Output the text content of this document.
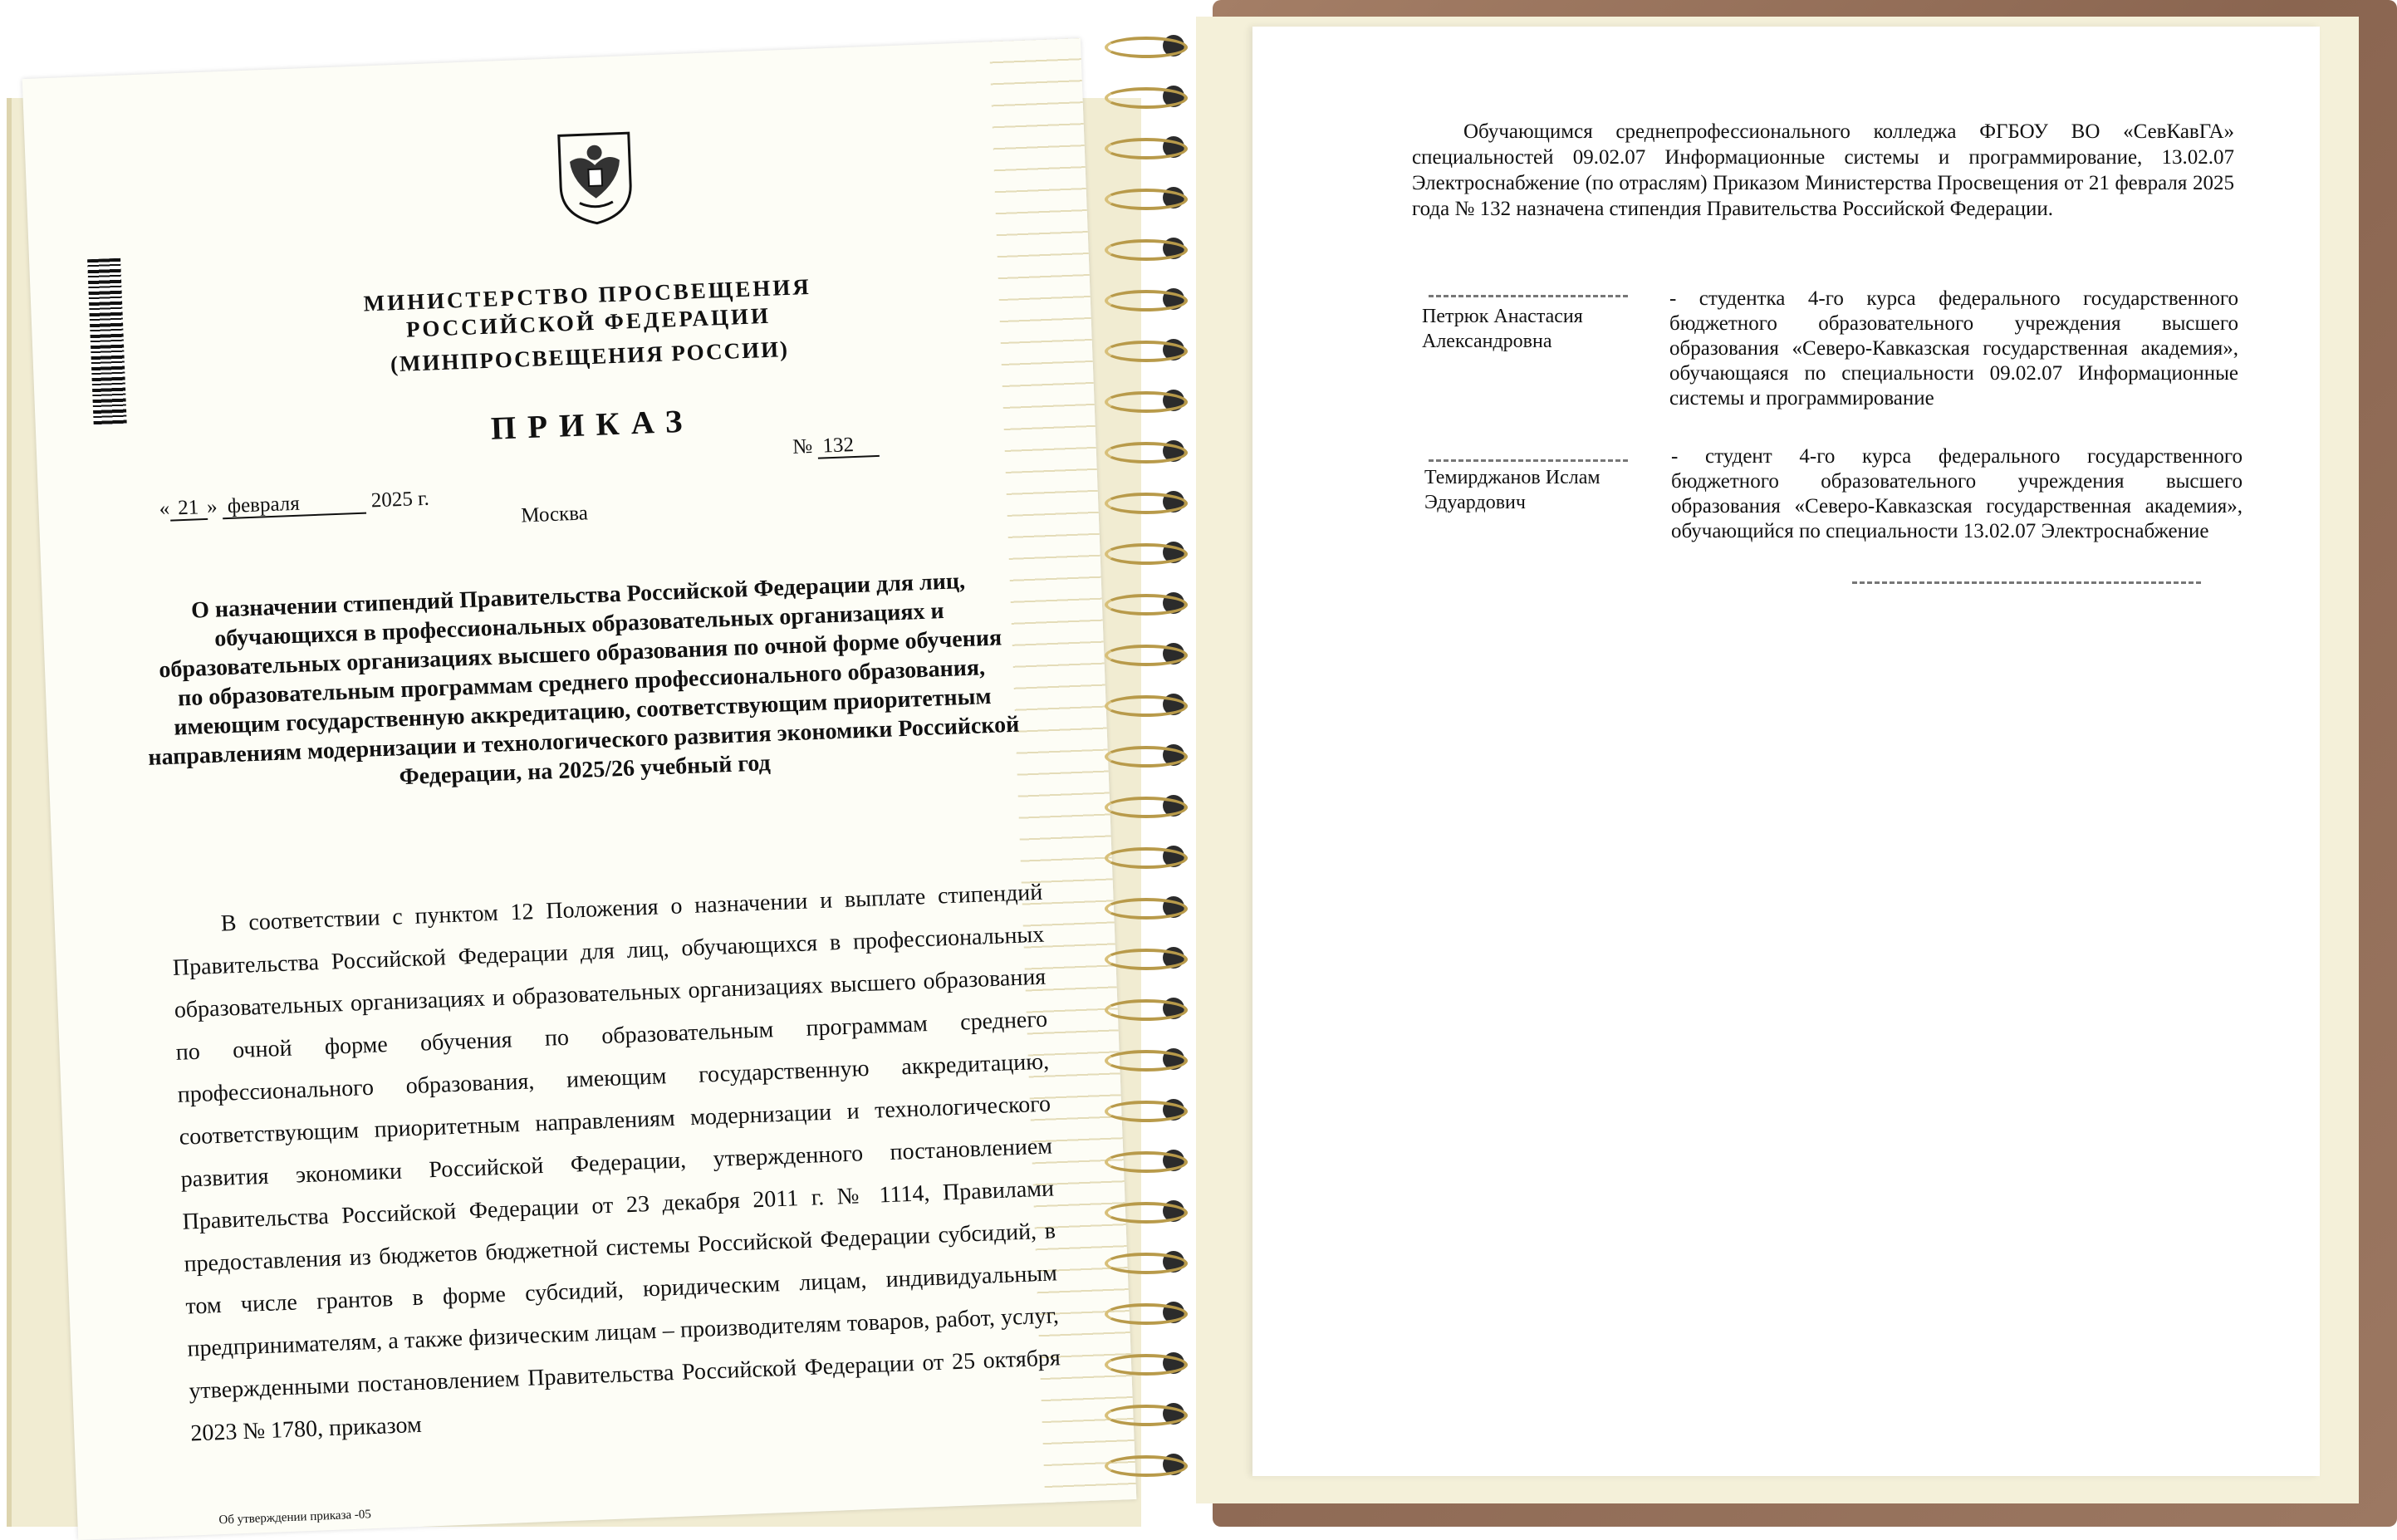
МИНИСТЕРСТВО ПРОСВЕЩЕНИЯ РОССИЙСКОЙ ФЕДЕРАЦИИ
(МИНПРОСВЕЩЕНИЯ РОССИИ)
ПРИКАЗ
№ 132
« 21 » февраля	2025 г.
Москва
О назначении стипендий Правительства Российской Федерации для лиц, обучающихся в профессиональных образовательных организациях и образовательных организациях высшего образования по очной форме обучения по образовательным программам среднего профессионального образования, имеющим государственную аккредитацию, соответствующим приоритетным направлениям модернизации и технологического развития экономики Российской Федерации, на 2025/26 учебный год
В соответствии с пунктом 12 Положения о назначении и выплате стипендий Правительства Российской Федерации для лиц, обучающихся в профессиональных образовательных организациях и образовательных организациях высшего образования по очной форме обучения по образовательным программам среднего профессионального образования, имеющим государственную аккредитацию, соответствующим приоритетным направлениям модернизации и технологического развития экономики Российской Федерации, утвержденного постановлением Правительства Российской Федерации от 23 декабря 2011 г. № 1114, Правилами предоставления из бюджетов бюджетной системы Российской Федерации субсидий, в том числе грантов в форме субсидий, юридическим лицам, индивидуальным предпринимателям, а также физическим лицам – производителям товаров, работ, услуг, утвержденными постановлением Правительства Российской Федерации от 25 октября 2023 № 1780, приказом
Об утверждении приказа -05
Обучающимся среднепрофессионального колледжа ФГБОУ ВО «СевКавГА» специальностей 09.02.07 Информационные системы и программирование, 13.02.07 Электроснабжение (по отраслям) Приказом Министерства Просвещения от 21 февраля 2025 года № 132 назначена стипендия Правительства Российской Федерации.
Петрюк Анастасия Александровна
- студентка 4-го курса федерального государственного бюджетного образовательного учреждения высшего образования «Северо-Кавказская государственная академия», обучающаяся по специальности 09.02.07 Информационные системы и программирование
Темирджанов Ислам Эдуардович
- студент 4-го курса федерального государственного бюджетного образовательного учреждения высшего образования «Северо-Кавказская государственная академия», обучающийся по специальности 13.02.07 Электроснабжение
